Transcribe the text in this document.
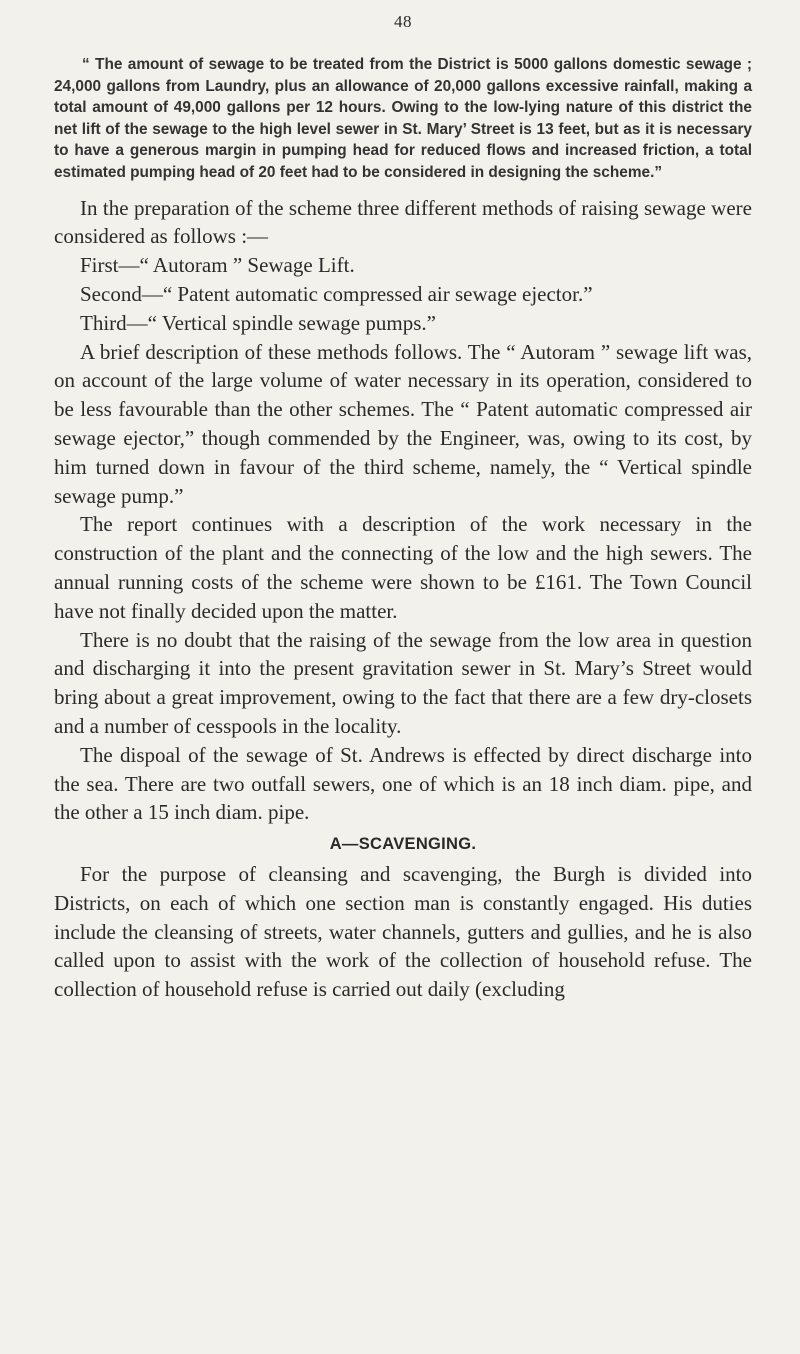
48

“ The amount of sewage to be treated from the District is 5000 gallons domestic sewage ; 24,000 gallons from Laundry, plus an allowance of 20,000 gallons excessive rainfall, making a total amount of 49,000 gallons per 12 hours. Owing to the low-lying nature of this district the net lift of the sewage to the high level sewer in St. Mary’ Street is 13 feet, but as it is necessary to have a generous margin in pumping head for reduced flows and increased friction, a total estimated pumping head of 20 feet had to be considered in designing the scheme.”

In the preparation of the scheme three different methods of raising sewage were considered as follows :—

First—“ Autoram ” Sewage Lift.

Second—“ Patent automatic compressed air sewage ejector.”

Third—“ Vertical spindle sewage pumps.”

A brief description of these methods follows. The “ Autoram ” sewage lift was, on account of the large volume of water necessary in its operation, considered to be less favourable than the other schemes. The “ Patent automatic compressed air sewage ejector,” though commended by the Engineer, was, owing to its cost, by him turned down in favour of the third scheme, namely, the “ Vertical spindle sewage pump.”

The report continues with a description of the work necessary in the construction of the plant and the connecting of the low and the high sewers. The annual running costs of the scheme were shown to be £161. The Town Council have not finally decided upon the matter.

There is no doubt that the raising of the sewage from the low area in question and discharging it into the present gravitation sewer in St. Mary’s Street would bring about a great improvement, owing to the fact that there are a few dry-closets and a number of cesspools in the locality.

The dispoal of the sewage of St. Andrews is effected by direct discharge into the sea. There are two outfall sewers, one of which is an 18 inch diam. pipe, and the other a 15 inch diam. pipe.

A—SCAVENGING.

For the purpose of cleansing and scavenging, the Burgh is divided into Districts, on each of which one section man is constantly engaged. His duties include the cleansing of streets, water channels, gutters and gullies, and he is also called upon to assist with the work of the collection of household refuse. The collection of household refuse is carried out daily (excluding
